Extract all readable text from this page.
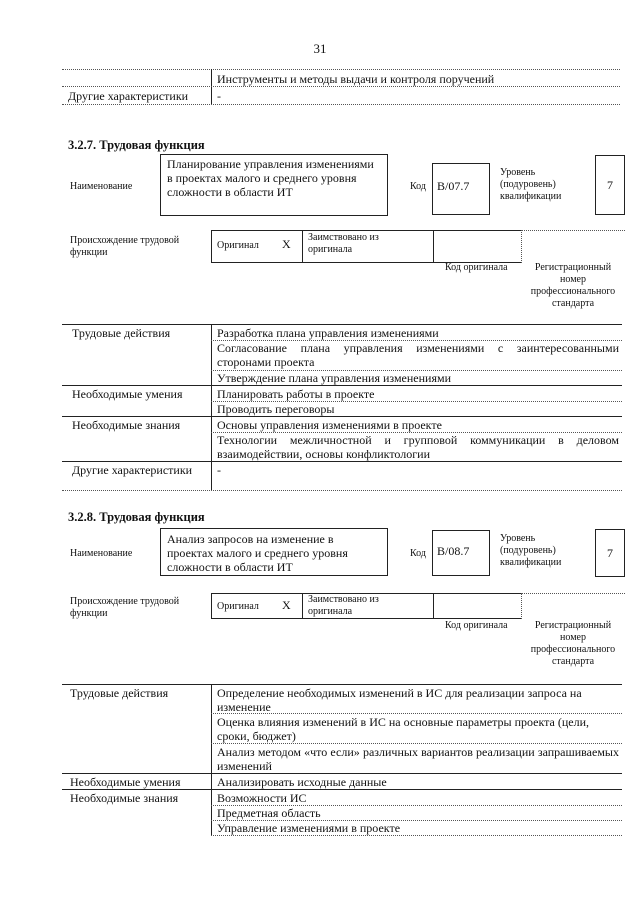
31
Инструменты и методы выдачи и контроля поручений
Другие характеристики -
3.2.7. Трудовая функция
Наименование
Планирование управления изменениями в проектах малого и среднего уровня сложности в области ИТ	Код B/07.7
Уровень (подуровень) квалификации
7
Происхождение трудовой функции
Оригинал X Заимствовано из оригинала
Код оригинала	Регистрационный номер профессионального стандарта
Трудовые действия	Разработка плана управления изменениями
Согласование плана управления изменениями с заинтересованными сторонами проекта
Утверждение плана управления изменениями
Необходимые умения	Планировать работы в проекте
Проводить переговоры
Необходимые знания	Основы управления изменениями в проекте
Технологии межличностной и групповой коммуникации в деловом взаимодействии, основы конфликтологии
Другие характеристики -
3.2.8. Трудовая функция
Наименование
Анализ запросов на изменение в проектах малого и среднего уровня сложности в области ИТ
Код B/08.7
Уровень (подуровень) квалификации
7
Происхождение трудовой функции
Оригинал X Заимствовано из оригинала
Код оригинала	Регистрационный номер профессионального стандарта
Трудовые действия	Определение необходимых изменений в ИС для реализации запроса на изменение
Оценка влияния изменений в ИС на основные параметры проекта (цели, сроки, бюджет)
Анализ методом «что если» различных вариантов реализации запрашиваемых изменений
Необходимые умения	Анализировать исходные данные
Необходимые знания	Возможности ИС
Предметная область
Управление изменениями в проекте
